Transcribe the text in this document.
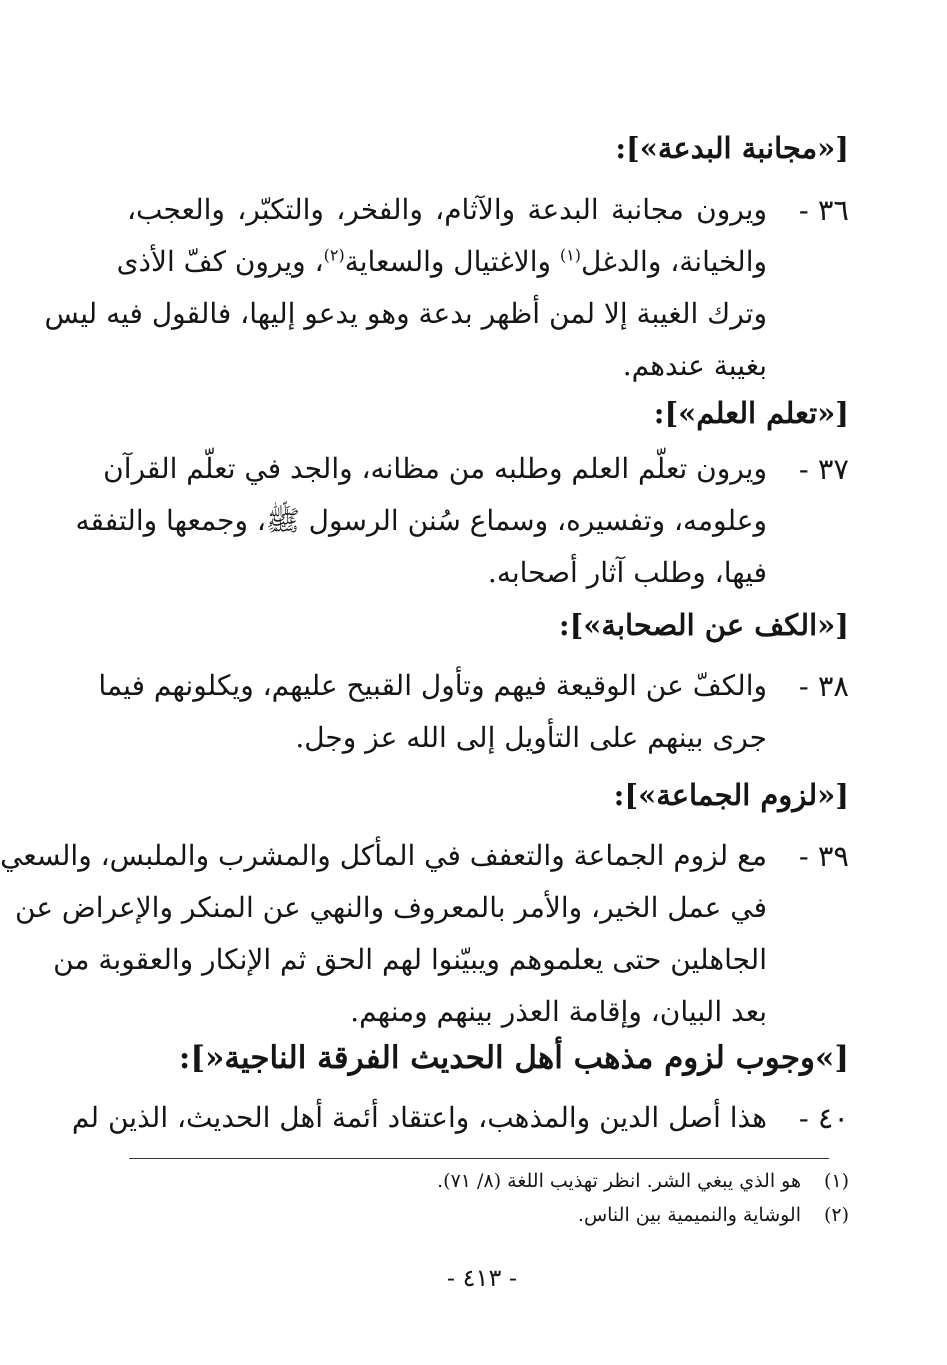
[«مجانبة البدعة»]:
٣٦ -
ويرون مجانبة البدعة والآثام، والفخر، والتكبّر، والعجب،
والخيانة، والدغل$^{(١)}$ والاغتيال والسعاية$^{(٢)}$، ويرون كفّ الأذى
وترك الغيبة إلا لمن أظهر بدعة وهو يدعو إليها، فالقول فيه ليس
بغيبة عندهم.
[«تعلم العلم»]:
٣٧ -
ويرون تعلّم العلم وطلبه من مظانه، والجد في تعلّم القرآن
وعلومه، وتفسيره، وسماع سُنن الرسول ﷺ، وجمعها والتفقه
فيها، وطلب آثار أصحابه.
[«الكف عن الصحابة»]:
٣٨ -
والكفّ عن الوقيعة فيهم وتأول القبيح عليهم، ويكلونهم فيما
جرى بينهم على التأويل إلى الله عز وجل.
[«لزوم الجماعة»]:
٣٩ -
مع لزوم الجماعة والتعفف في المأكل والمشرب والملبس، والسعي
في عمل الخير، والأمر بالمعروف والنهي عن المنكر والإعراض عن
الجاهلين حتى يعلموهم ويبيّنوا لهم الحق ثم الإنكار والعقوبة من
بعد البيان، وإقامة العذر بينهم ومنهم.
[»وجوب لزوم مذهب أهل الحديث الفرقة الناجية«]:
٤٠ -
هذا أصل الدين والمذهب، واعتقاد أئمة أهل الحديث، الذين لم
(١)هو الذي يبغي الشر. انظر تهذيب اللغة (٨/ ٧١).
(٢)الوشاية والنميمية بين الناس.
- ٤١٣ -
